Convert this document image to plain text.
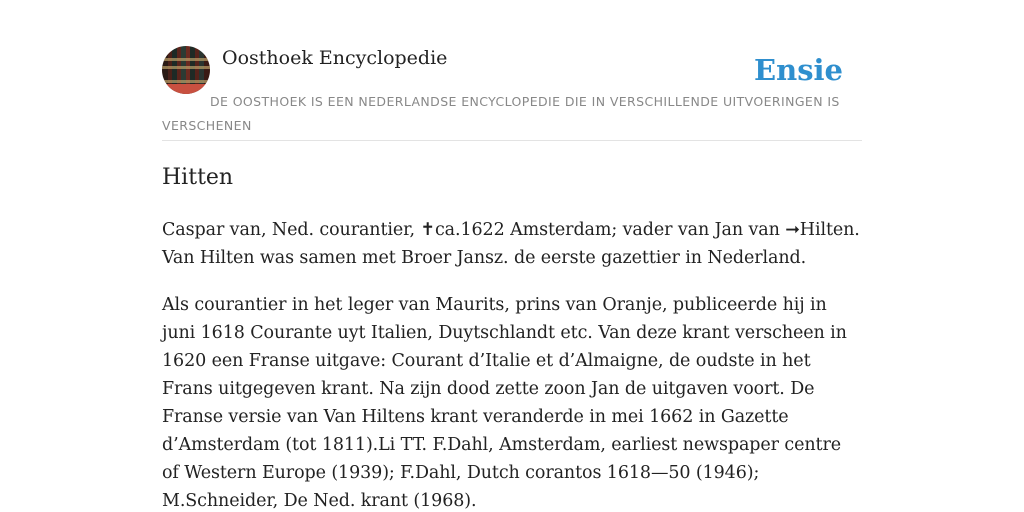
Oosthoek Encyclopedie	Ensie
DE OOSTHOEK IS EEN NEDERLANDSE ENCYCLOPEDIE DIE IN VERSCHILLENDE UITVOERINGEN IS VERSCHENEN
Hitten

Caspar van, Ned. courantier, ✝ca.1622 Amsterdam; vader van Jan van ➞Hilten. Van Hilten was samen met Broer Jansz. de eerste gazettier in Nederland.

Als courantier in het leger van Maurits, prins van Oranje, publiceerde hij in juni 1618 Courante uyt Italien, Duytschlandt etc. Van deze krant verscheen in 1620 een Franse uitgave: Courant d’Italie et d’Almaigne, de oudste in het Frans uitgegeven krant. Na zijn dood zette zoon Jan de uitgaven voort. De Franse versie van Van Hiltens krant veranderde in mei 1662 in Gazette d’Amsterdam (tot 1811).Li TT. F.Dahl, Amsterdam, earliest newspaper centre of Western Europe (1939); F.Dahl, Dutch corantos 1618—50 (1946); M.Schneider, De Ned. krant (1968).
